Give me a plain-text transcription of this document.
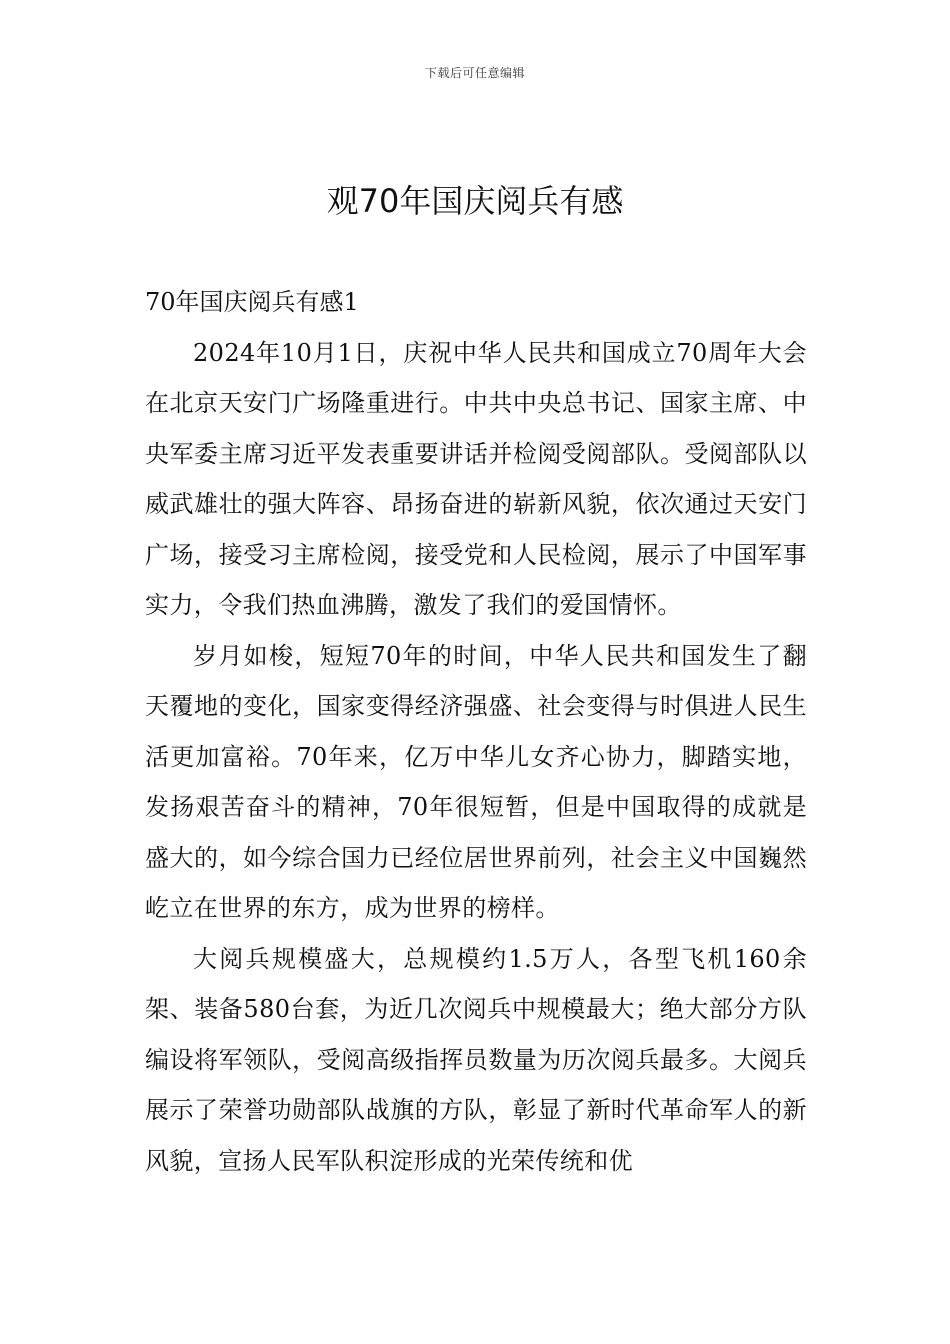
下载后可任意编辑
观70年国庆阅兵有感

70年国庆阅兵有感1

2024年10月1日，庆祝中华人民共和国成立70周年大会在北京天安门广场隆重进行。中共中央总书记、国家主席、中央军委主席习近平发表重要讲话并检阅受阅部队。受阅部队以威武雄壮的强大阵容、昂扬奋进的崭新风貌，依次通过天安门广场，接受习主席检阅，接受党和人民检阅，展示了中国军事实力，令我们热血沸腾，激发了我们的爱国情怀。

岁月如梭，短短70年的时间，中华人民共和国发生了翻天覆地的变化，国家变得经济强盛、社会变得与时俱进人民生活更加富裕。70年来，亿万中华儿女齐心协力，脚踏实地，发扬艰苦奋斗的精神，70年很短暂，但是中国取得的成就是盛大的，如今综合国力已经位居世界前列，社会主义中国巍然屹立在世界的东方，成为世界的榜样。

大阅兵规模盛大，总规模约1.5万人，各型飞机160余架、装备580台套，为近几次阅兵中规模最大；绝大部分方队编设将军领队，受阅高级指挥员数量为历次阅兵最多。大阅兵展示了荣誉功勋部队战旗的方队，彰显了新时代革命军人的新风貌，宣扬人民军队积淀形成的光荣传统和优
